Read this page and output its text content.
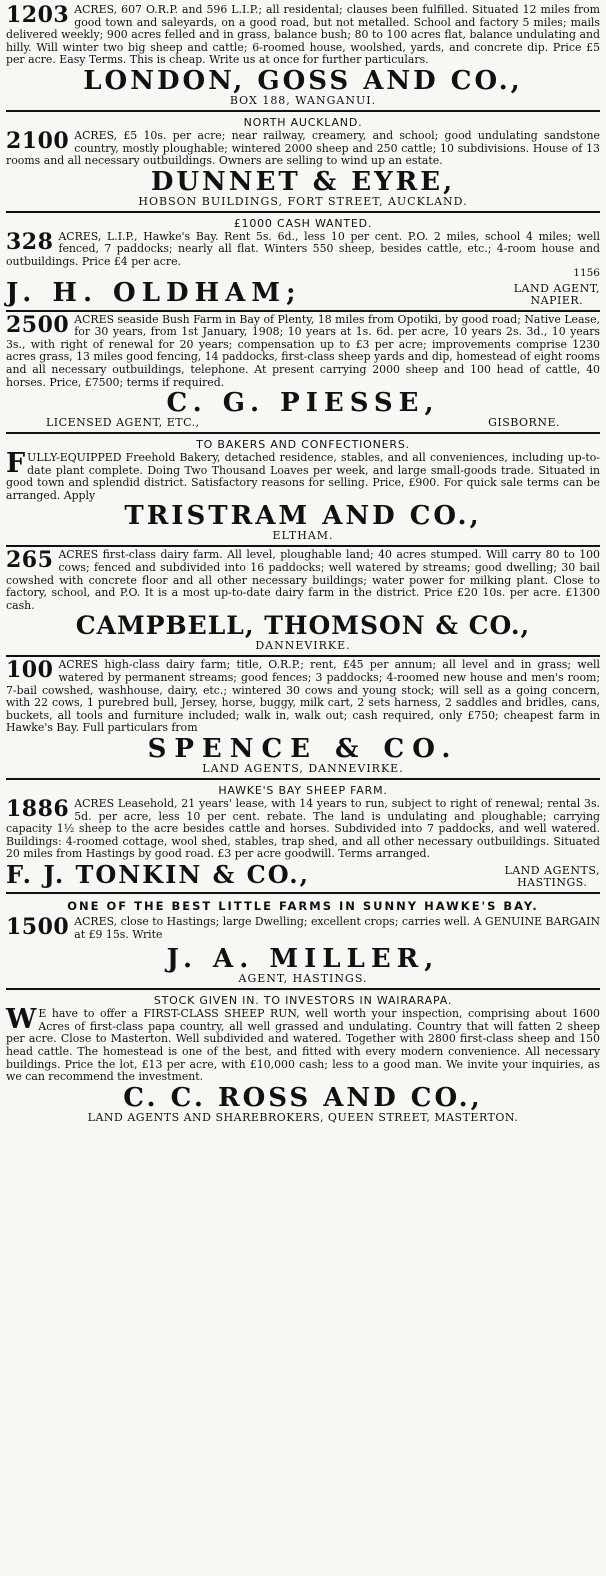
1203 ACRES, 607 O.R.P. and 596 L.I.P.; all residental; clauses been fulfilled. Situated 12 miles from good town and saleyards, on a good road, but not metalled. School and factory 5 miles; mails delivered weekly; 900 acres felled and in grass, balance bush; 80 to 100 acres flat, balance undulating and hilly. Will winter two big sheep and cattle; 6-roomed house, woolshed, yards, and concrete dip. Price £5 per acre. Easy Terms. This is cheap. Write us at once for further particulars.

LONDON, GOSS AND CO.,
BOX 188, WANGANUI.
NORTH AUCKLAND.

2100 ACRES, £5 10s. per acre; near railway, creamery, and school; good undulating sandstone country, mostly ploughable; wintered 2000 sheep and 250 cattle; 10 subdivisions. House of 13 rooms and all necessary outbuildings. Owners are selling to wind up an estate.

DUNNET & EYRE,
HOBSON BUILDINGS, FORT STREET, AUCKLAND.
£1000 CASH WANTED.

328 ACRES, L.I.P., Hawke's Bay. Rent 5s. 6d., less 10 per cent. P.O. 2 miles, school 4 miles; well fenced, 7 paddocks; nearly all flat. Winters 550 sheep, besides cattle, etc.; 4-room house and outbuildings. Price £4 per acre.

1156
J. H. OLDHAM;	LAND AGENT,
NAPIER.

2500 ACRES seaside Bush Farm in Bay of Plenty, 18 miles from Opotiki, by good road; Native Lease, for 30 years, from 1st January, 1908; 10 years at 1s. 6d. per acre, 10 years 2s. 3d., 10 years 3s., with right of renewal for 20 years; compensation up to £3 per acre; improvements comprise 1230 acres grass, 13 miles good fencing, 14 paddocks, first-class sheep yards and dip, homestead of eight rooms and all necessary outbuildings, telephone. At present carrying 2000 sheep and 100 head of cattle, 40 horses. Price, £7500; terms if required.

C. G. PIESSE,
LICENSED AGENT, ETC.,	GISBORNE.
TO BAKERS AND CONFECTIONERS.

FULLY-EQUIPPED Freehold Bakery, detached residence, stables, and all conveniences, including up-to-date plant complete. Doing Two Thousand Loaves per week, and large small-goods trade. Situated in good town and splendid district. Satisfactory reasons for selling. Price, £900. For quick sale terms can be arranged. Apply

TRISTRAM AND CO.,
ELTHAM.

265 ACRES first-class dairy farm. All level, ploughable land; 40 acres stumped. Will carry 80 to 100 cows; fenced and subdivided into 16 paddocks; well watered by streams; good dwelling; 30 bail cowshed with concrete floor and all other necessary buildings; water power for milking plant. Close to factory, school, and P.O. It is a most up-to-date dairy farm in the district. Price £20 10s. per acre. £1300 cash.

CAMPBELL, THOMSON & CO.,
DANNEVIRKE.

100 ACRES high-class dairy farm; title, O.R.P.; rent, £45 per annum; all level and in grass; well watered by permanent streams; good fences; 3 paddocks; 4-roomed new house and men's room; 7-bail cowshed, washhouse, dairy, etc.; wintered 30 cows and young stock; will sell as a going concern, with 22 cows, 1 purebred bull, Jersey, horse, buggy, milk cart, 2 sets harness, 2 saddles and bridles, cans, buckets, all tools and furniture included; walk in, walk out; cash required, only £750; cheapest farm in Hawke's Bay. Full particulars from

SPENCE & CO.
LAND AGENTS, DANNEVIRKE.
HAWKE'S BAY SHEEP FARM.

1886 ACRES Leasehold, 21 years' lease, with 14 years to run, subject to right of renewal; rental 3s. 5d. per acre, less 10 per cent. rebate. The land is undulating and ploughable; carrying capacity 1½ sheep to the acre besides cattle and horses. Subdivided into 7 paddocks, and well watered. Buildings: 4-roomed cottage, wool shed, stables, trap shed, and all other necessary outbuildings. Situated 20 miles from Hastings by good road. £3 per acre goodwill. Terms arranged.

F. J. TONKIN & CO.,	LAND AGENTS,
HASTINGS.
ONE OF THE BEST LITTLE FARMS IN SUNNY HAWKE'S BAY.

1500 ACRES, close to Hastings; large Dwelling; excellent crops; carries well. A GENUINE BARGAIN at £9 15s. Write

J. A. MILLER,
AGENT, HASTINGS.
STOCK GIVEN IN. TO INVESTORS IN WAIRARAPA.

W E have to offer a FIRST-CLASS SHEEP RUN, well worth your inspection, comprising about 1600 Acres of first-class papa country, all well grassed and undulating. Country that will fatten 2 sheep per acre. Close to Masterton. Well subdivided and watered. Together with 2800 first-class sheep and 150 head cattle. The homestead is one of the best, and fitted with every modern convenience. All necessary buildings. Price the lot, £13 per acre, with £10,000 cash; less to a good man. We invite your inquiries, as we can recommend the investment.

C. C. ROSS AND CO.,
LAND AGENTS AND SHAREBROKERS, QUEEN STREET, MASTERTON.
